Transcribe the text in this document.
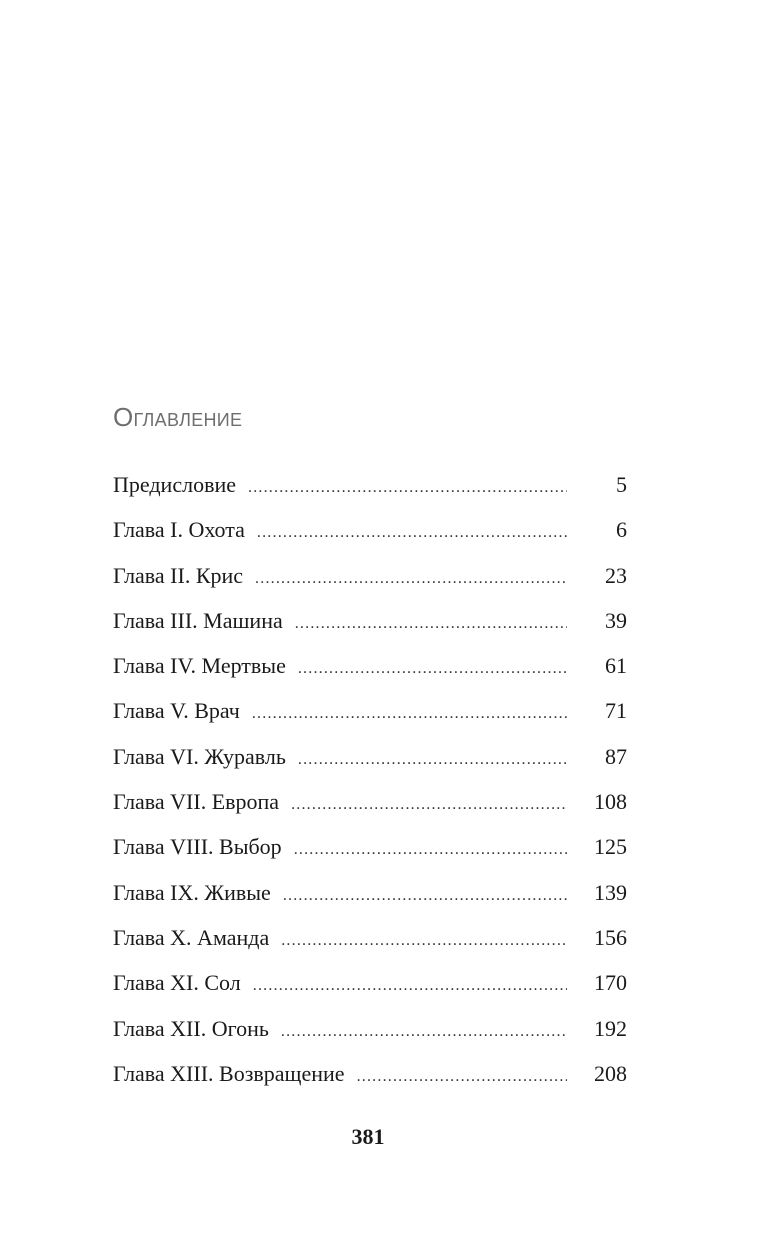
Оглавление
Предисловие .....	5
Глава I. Охота .....	6
Глава II. Крис .....	23
Глава III. Машина .....	39
Глава IV. Мертвые .....	61
Глава V. Врач .....	71
Глава VI. Журавль .....	87
Глава VII. Европа .....	108
Глава VIII. Выбор .....	125
Глава IX. Живые .....	139
Глава X. Аманда .....	156
Глава XI. Сол .....	170
Глава XII. Огонь .....	192
Глава XIII. Возвращение .....	208

381
